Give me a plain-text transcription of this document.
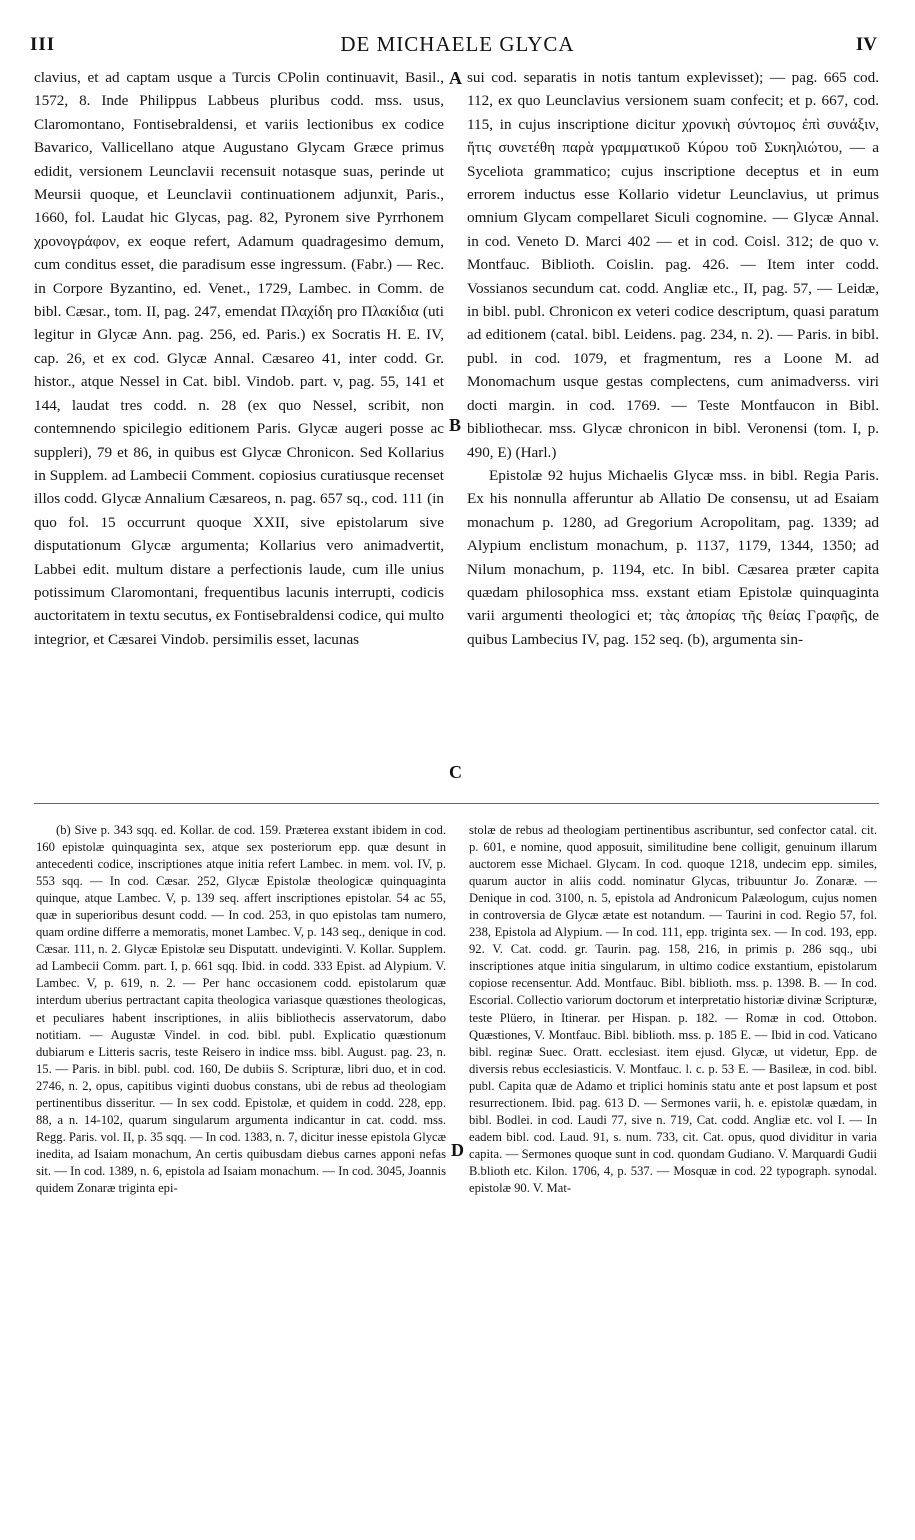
III	DE MICHAELE GLYCA	IV

clavius, et ad captam usque a Turcis CPolin continuavit, Basil., 1572, 8. Inde Philippus Labbeus pluribus codd. mss. usus, Claromontano, Fontisebraldensi, et variis lectionibus ex codice Bavarico, Vallicellano atque Augustano Glycam Græce primus edidit, versionem Leunclavii recensuit notasque suas, perinde ut Meursii quoque, et Leunclavii continuationem adjunxit, Paris., 1660, fol. Laudat hic Glycas, pag. 82, Pyronem sive Pyrrhonem χρονογράφον, ex eoque refert, Adamum quadragesimo demum, cum conditus esset, die paradisum esse ingressum. (Fabr.) — Rec. in Corpore Byzantino, ed. Venet., 1729, Lambec. in Comm. de bibl. Cæsar., tom. II, pag. 247, emendat Πλαχίδη pro Πλακίδια (uti legitur in Glycæ Ann. pag. 256, ed. Paris.) ex Socratis H. E. IV, cap. 26, et ex cod. Glycæ Annal. Cæsareo 41, inter codd. Gr. histor., atque Nessel in Cat. bibl. Vindob. part. v, pag. 55, 141 et 144, laudat tres codd. n. 28 (ex quo Nessel, scribit, non contemnendo spicilegio editionem Paris. Glycæ augeri posse ac suppleri), 79 et 86, in quibus est Glycæ Chronicon. Sed Kollarius in Supplem. ad Lambecii Comment. copiosius curatiusque recenset illos codd. Glycæ Annalium Cæsareos, n. pag. 657 sq., cod. 111 (in quo fol. 15 occurrunt quoque XXII, sive epistolarum sive disputationum Glycæ argumenta; Kollarius vero animadvertit, Labbei edit. multum distare a perfectionis laude, cum ille unius potissimum Claromontani, frequentibus lacunis interrupti, codicis auctoritatem in textu secutus, ex Fontisebraldensi codice, qui multo integrior, et Cæsarei Vindob. persimilis esset, lacunas

sui cod. separatis in notis tantum explevisset); — pag. 665 cod. 112, ex quo Leunclavius versionem suam confecit; et p. 667, cod. 115, in cujus inscriptione dicitur χρονικὴ σύντομος ἐπὶ συνάξιν, ἥτις συνετέθη παρὰ γραμματικοῦ Κύρου τοῦ Συκηλιώτου, — a Syceliota grammatico; cujus inscriptione deceptus et in eum errorem inductus esse Kollario videtur Leunclavius, ut primus omnium Glycam compellaret Siculi cognomine. — Glycæ Annal. in cod. Veneto D. Marci 402 — et in cod. Coisl. 312; de quo v. Montfauc. Biblioth. Coislin. pag. 426. — Item inter codd. Vossianos secundum cat. codd. Angliæ etc., II, pag. 57, — Leidæ, in bibl. publ. Chronicon ex veteri codice descriptum, quasi paratum ad editionem (catal. bibl. Leidens. pag. 234, n. 2). — Paris. in bibl. publ. in cod. 1079, et fragmentum, res a Loone M. ad Monomachum usque gestas complectens, cum animadverss. viri docti margin. in cod. 1769. — Teste Montfaucon in Bibl. bibliothecar. mss. Glycæ chronicon in bibl. Veronensi (tom. I, p. 490, E) (Harl.)

Epistolæ 92 hujus Michaelis Glycæ mss. in bibl. Regia Paris. Ex his nonnulla afferuntur ab Allatio De consensu, ut ad Esaiam monachum p. 1280, ad Gregorium Acropolitam, pag. 1339; ad Alypium enclistum monachum, p. 1137, 1179, 1344, 1350; ad Nilum monachum, p. 1194, etc. In bibl. Cæsarea præter capita quædam philosophica mss. exstant etiam Epistolæ quinquaginta varii argumenti theologici et; τὰς ἀπορίας τῆς θείας Γραφῆς, de quibus Lambecius IV, pag. 152 seq. (b), argumenta sin-

A
B
C
D

(b) Sive p. 343 sqq. ed. Kollar. de cod. 159. Præterea exstant ibidem in cod. 160 epistolæ quinquaginta sex, atque sex posteriorum epp. quæ desunt in antecedenti codice, inscriptiones atque initia refert Lambec. in mem. vol. IV, p. 553 sqq. — In cod. Cæsar. 252, Glycæ Epistolæ theologicæ quinquaginta quinque, atque Lambec. V, p. 139 seq. affert inscriptiones epistolar. 54 ac 55, quæ in superioribus desunt codd. — In cod. 253, in quo epistolas tam numero, quam ordine differre a memoratis, monet Lambec. V, p. 143 seq., denique in cod. Cæsar. 111, n. 2. Glycæ Epistolæ seu Disputatt. undeviginti. V. Kollar. Supplem. ad Lambecii Comm. part. I, p. 661 sqq. Ibid. in codd. 333 Epist. ad Alypium. V. Lambec. V, p. 619, n. 2. — Per hanc occasionem codd. epistolarum quæ interdum uberius pertractant capita theologica variasque quæstiones theologicas, et peculiares habent inscriptiones, in aliis bibliothecis asservatorum, dabo notitiam. — Augustæ Vindel. in cod. bibl. publ. Explicatio quæstionum dubiarum e Litteris sacris, teste Reisero in indice mss. bibl. August. pag. 23, n. 15. — Paris. in bibl. publ. cod. 160, De dubiis S. Scripturæ, libri duo, et in cod. 2746, n. 2, opus, capitibus viginti duobus constans, ubi de rebus ad theologiam pertinentibus disseritur. — In sex codd. Epistolæ, et quidem in codd. 228, epp. 88, a n. 14-102, quarum singularum argumenta indicantur in cat. codd. mss. Regg. Paris. vol. II, p. 35 sqq. — In cod. 1383, n. 7, dicitur inesse epistola Glycæ inedita, ad Isaiam monachum, An certis quibusdam diebus carnes apponi nefas sit. — In cod. 1389, n. 6, epistola ad Isaiam monachum. — In cod. 3045, Joannis quidem Zonaræ triginta epi-

stolæ de rebus ad theologiam pertinentibus ascribuntur, sed confector catal. cit. p. 601, e nomine, quod apposuit, similitudine bene colligit, genuinum illarum auctorem esse Michael. Glycam. In cod. quoque 1218, undecim epp. similes, quarum auctor in aliis codd. nominatur Glycas, tribuuntur Jo. Zonaræ. — Denique in cod. 3100, n. 5, epistola ad Andronicum Palæologum, cujus nomen in controversia de Glycæ ætate est notandum. — Taurini in cod. Regio 57, fol. 238, Epistola ad Alypium. — In cod. 111, epp. triginta sex. — In cod. 193, epp. 92. V. Cat. codd. gr. Taurin. pag. 158, 216, in primis p. 286 sqq., ubi inscriptiones atque initia singularum, in ultimo codice exstantium, epistolarum copiose recensentur. Add. Montfauc. Bibl. biblioth. mss. p. 1398. B. — In cod. Escorial. Collectio variorum doctorum et interpretatio historiæ divinæ Scripturæ, teste Plüero, in Itinerar. per Hispan. p. 182. — Romæ in cod. Ottobon. Quæstiones, V. Montfauc. Bibl. biblioth. mss. p. 185 E. — Ibid in cod. Vaticano bibl. reginæ Suec. Oratt. ecclesiast. item ejusd. Glycæ, ut videtur, Epp. de diversis rebus ecclesiasticis. V. Montfauc. l. c. p. 53 E. — Basileæ, in cod. bibl. publ. Capita quæ de Adamo et triplici hominis statu ante et post lapsum et post resurrectionem. Ibid. pag. 613 D. — Sermones varii, h. e. epistolæ quædam, in bibl. Bodlei. in cod. Laudi 77, sive n. 719, Cat. codd. Angliæ etc. vol I. — In eadem bibl. cod. Laud. 91, s. num. 733, cit. Cat. opus, quod dividitur in varia capita. — Sermones quoque sunt in cod. quondam Gudiano. V. Marquardi Gudii B.blioth etc. Kilon. 1706, 4, p. 537. — Mosquæ in cod. 22 typograph. synodal. epistolæ 90. V. Mat-
